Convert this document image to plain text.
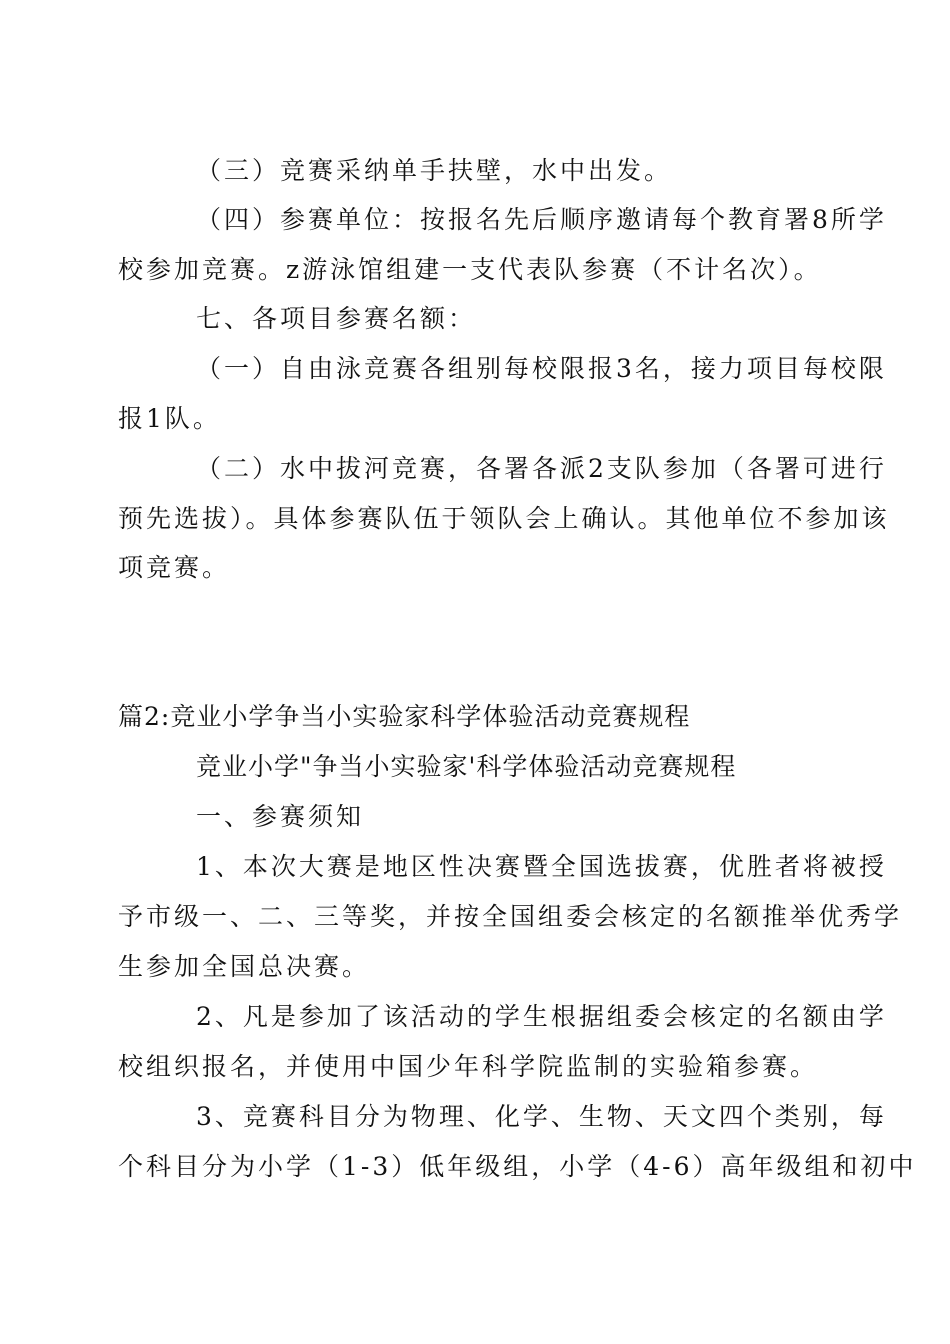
（三）竞赛采纳单手扶壁，水中出发。
（四）参赛单位：按报名先后顺序邀请每个教育署8所学
校参加竞赛。z游泳馆组建一支代表队参赛（不计名次）。
七、各项目参赛名额：
（一）自由泳竞赛各组别每校限报3名，接力项目每校限
报1队。
（二）水中拔河竞赛，各署各派2支队参加（各署可进行
预先选拔）。具体参赛队伍于领队会上确认。其他单位不参加该
项竞赛。
篇2:竞业小学争当小实验家科学体验活动竞赛规程
竞业小学"争当小实验家'科学体验活动竞赛规程
一、参赛须知
1、本次大赛是地区性决赛暨全国选拔赛，优胜者将被授
予市级一、二、三等奖，并按全国组委会核定的名额推举优秀学
生参加全国总决赛。
2、凡是参加了该活动的学生根据组委会核定的名额由学
校组织报名，并使用中国少年科学院监制的实验箱参赛。
3、竞赛科目分为物理、化学、生物、天文四个类别，每
个科目分为小学（1-3）低年级组，小学（4-6）高年级组和初中
